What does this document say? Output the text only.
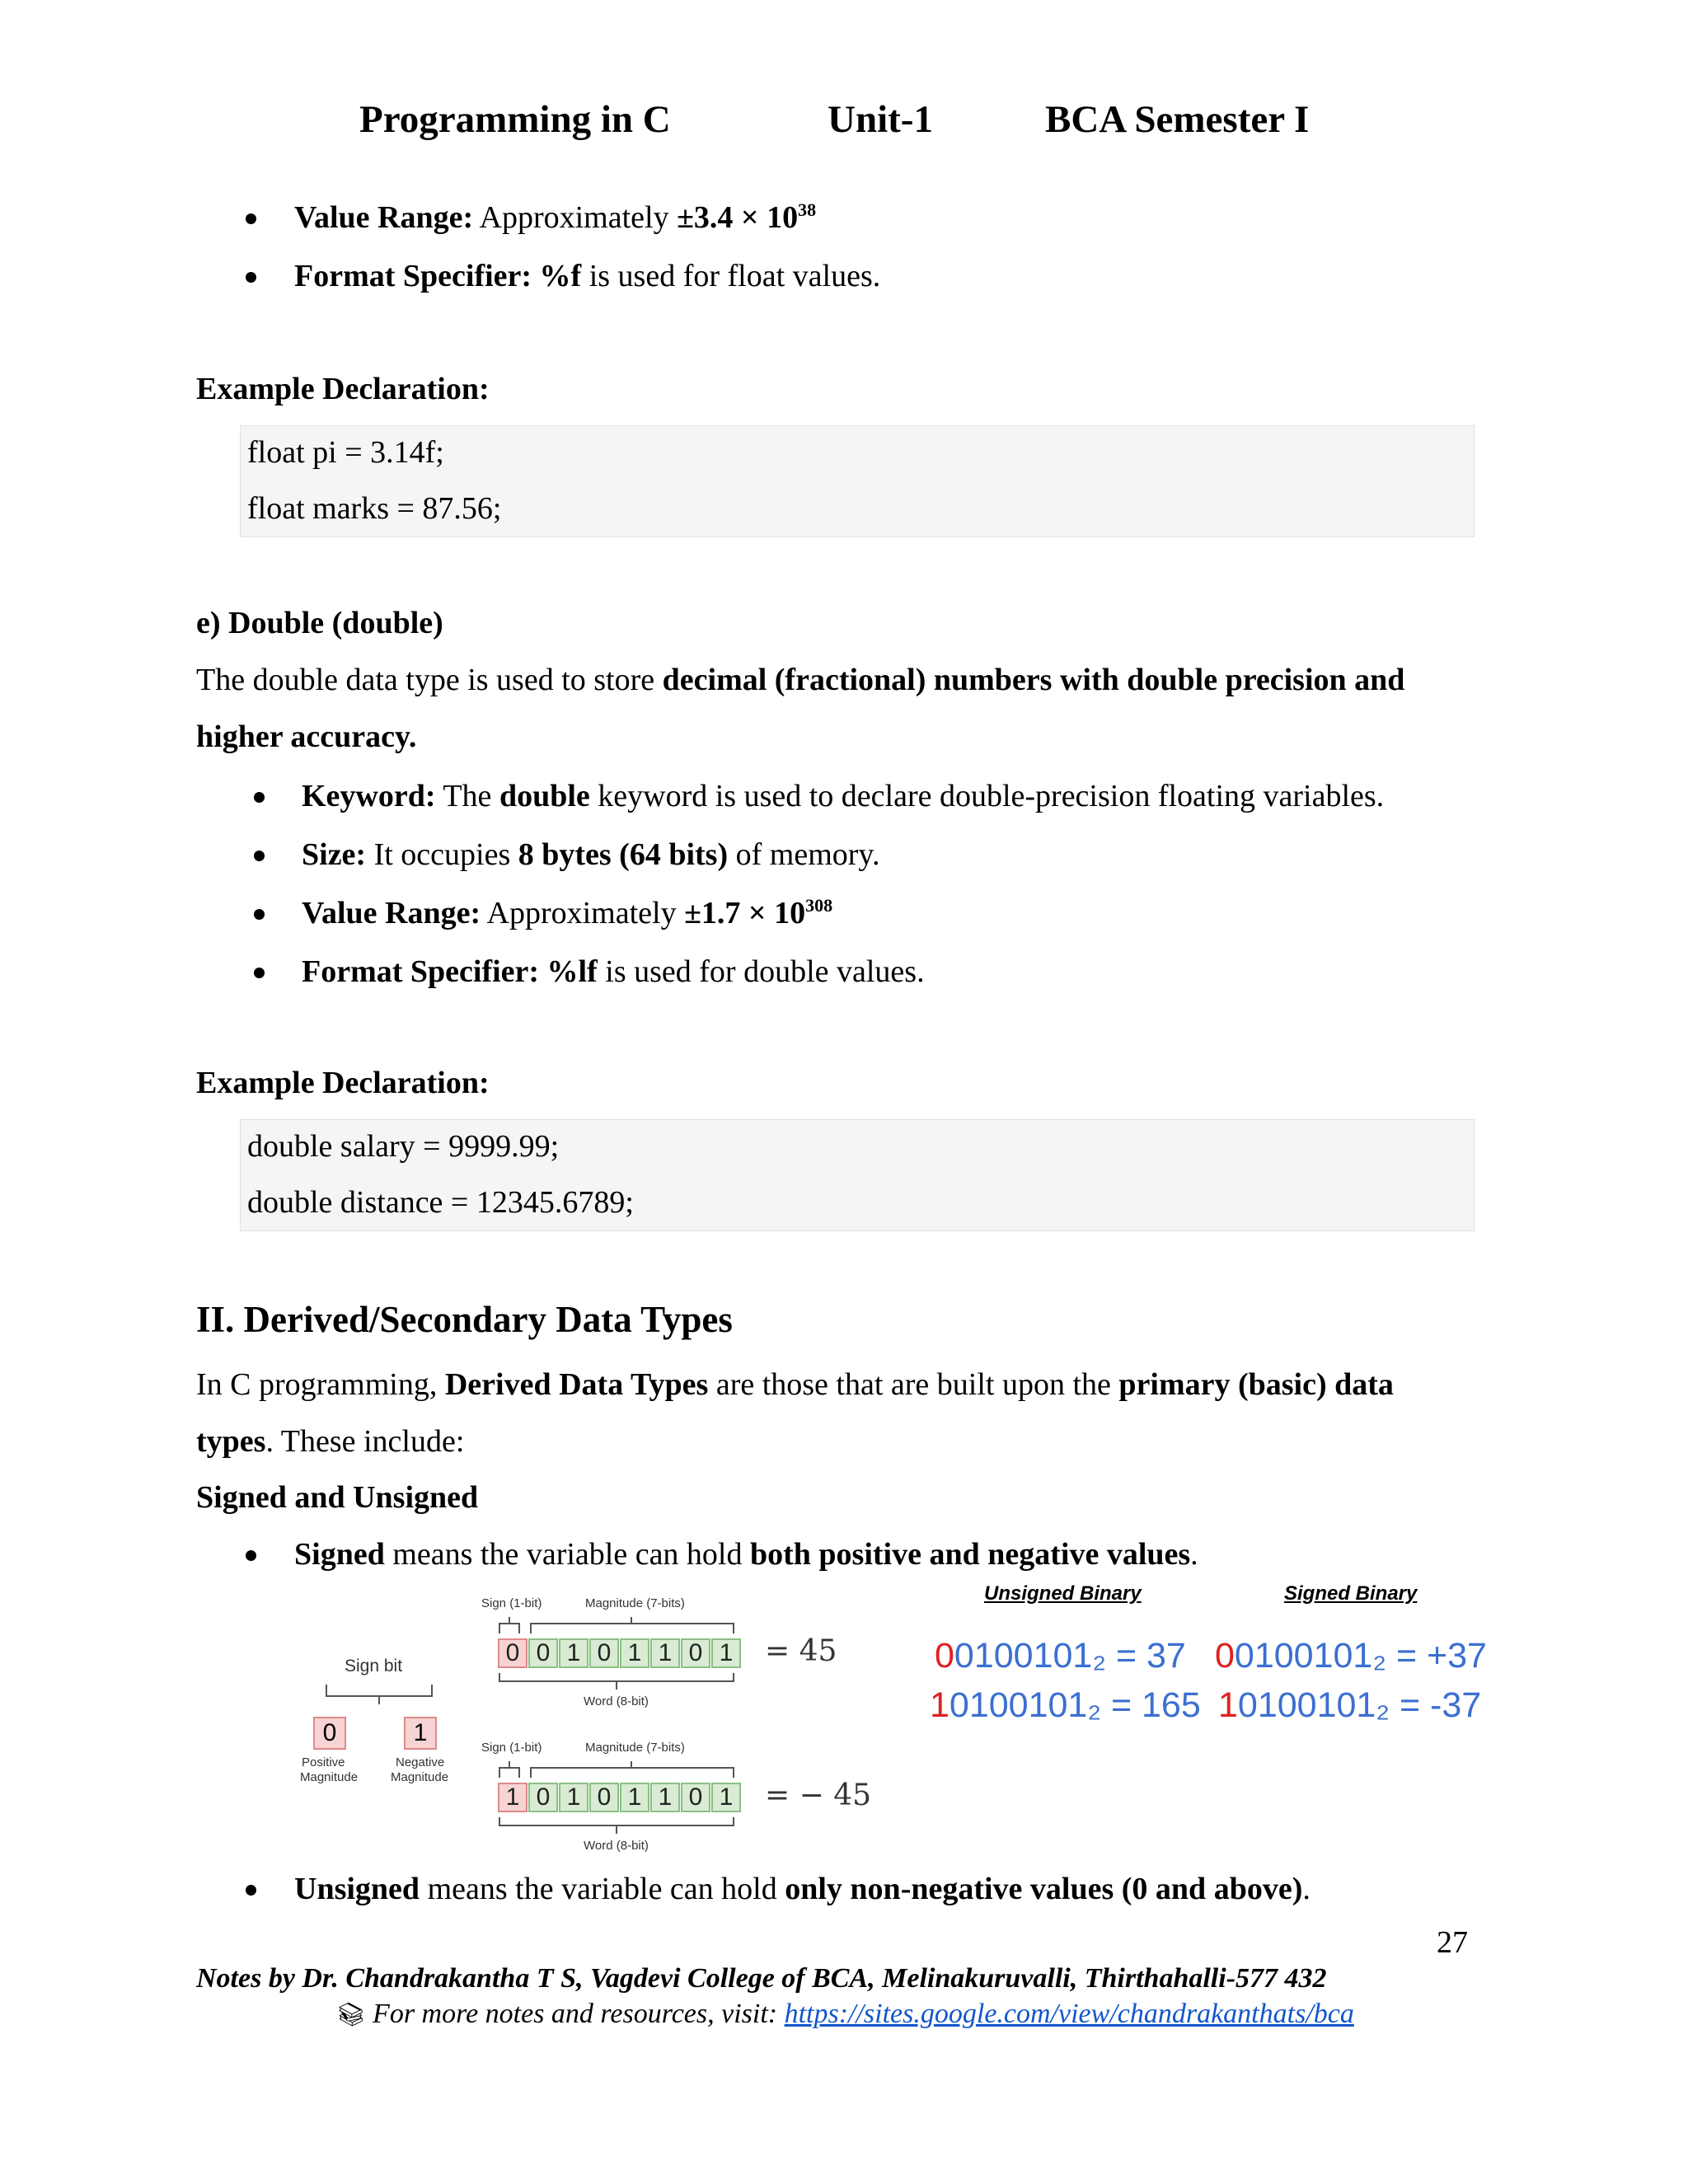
Programming in C	Unit-1	BCA Semester I
Value Range: Approximately $\pm 3.4 \times 10^{38}$
Format Specifier: %f is used for float values.
Example Declaration:
float pi = 3.14f;
float marks = 87.56;
e) Double (double)
The double data type is used to store decimal (fractional) numbers with double precision and
higher accuracy.
Keyword: The double keyword is used to declare double-precision floating variables.
Size: It occupies 8 bytes (64 bits) of memory.
Value Range: Approximately $\pm 1.7 \times 10^{308}$
Format Specifier: %lf is used for double values.
Example Declaration:
double salary = 9999.99;
double distance = 12345.6789;
II. Derived/Secondary Data Types
In C programming, Derived Data Types are those that are built upon the primary (basic) data
types. These include:
Signed and Unsigned
Signed means the variable can hold both positive and negative values.
Sign bit
0	1
Positive
Magnitude
Negative
Magnitude
Sign (1-bit)	Magnitude (7-bits)
0 0 1 0 1 1 0 1 = 45
Word (8-bit)
Sign (1-bit)	Magnitude (7-bits)
1 0 1 0 1 1 0 1 = − 45
Word (8-bit)
Unsigned Binary	Signed Binary
00100101₂ = 37 00100101₂ = +37
10100101₂ = 165 10100101₂ = -37
Unsigned means the variable can hold only non-negative values (0 and above).
27
Notes by Dr. Chandrakantha T S, Vagdevi College of BCA, Melinakuruvalli, Thirthahalli-577 432
📚︎ For more notes and resources, visit: https://sites.google.com/view/chandrakanthats/bca
